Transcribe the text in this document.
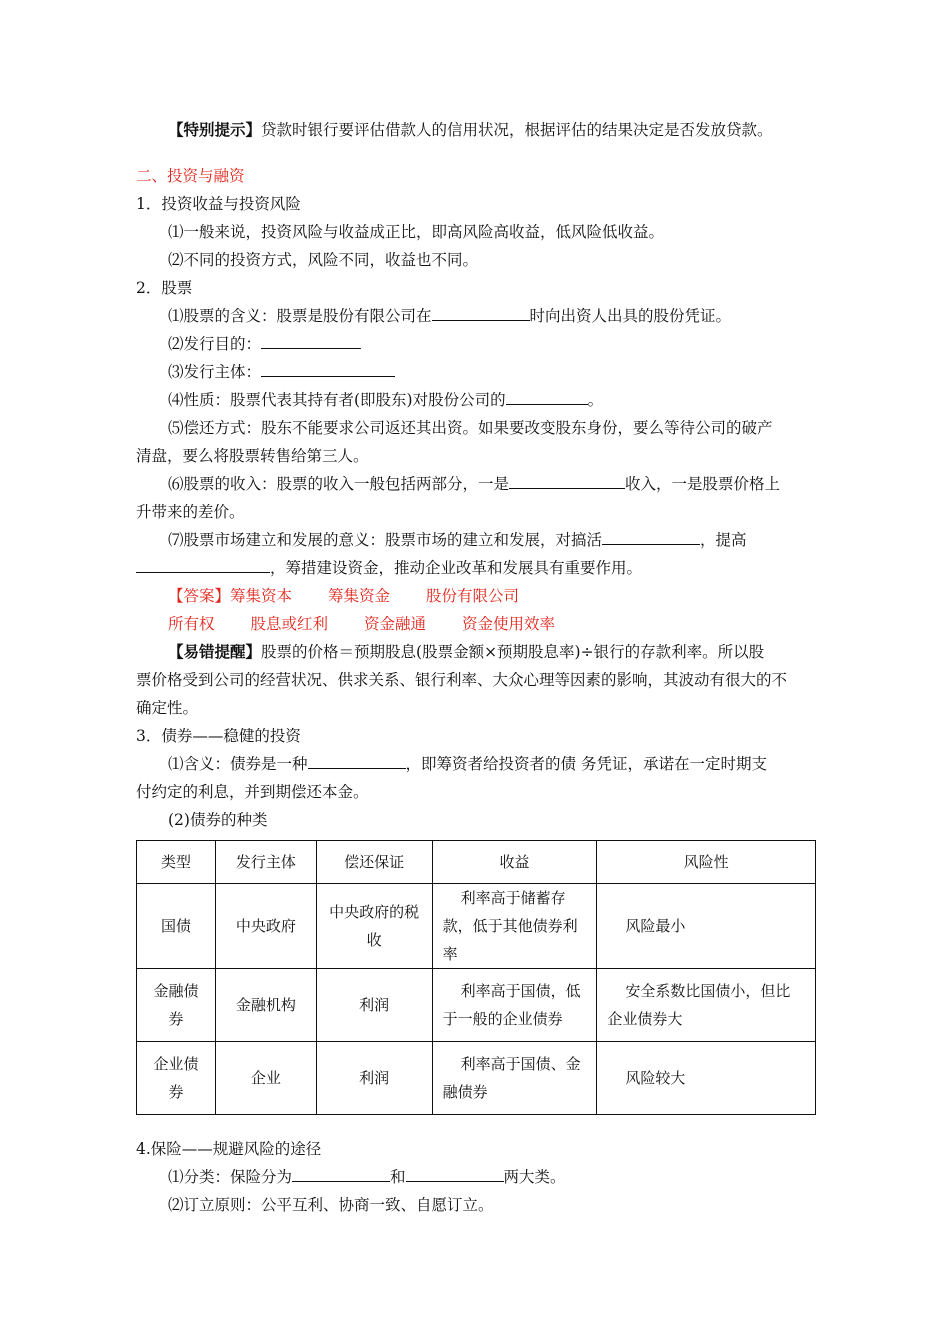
【特别提示】贷款时银行要评估借款人的信用状况，根据评估的结果决定是否发放贷款。
二、投资与融资
1．投资收益与投资风险
⑴一般来说，投资风险与收益成正比，即高风险高收益，低风险低收益。
⑵不同的投资方式，风险不同，收益也不同。
2．股票
⑴股票的含义：股票是股份有限公司在	时向出资人出具的股份凭证。
⑵发行目的：
⑶发行主体：
⑷性质：股票代表其持有者(即股东)对股份公司的	。
⑸偿还方式：股东不能要求公司返还其出资。如果要改变股东身份，要么等待公司的破产
清盘，要么将股票转售给第三人。
⑹股票的收入：股票的收入一般包括两部分，一是	收入，一是股票价格上
升带来的差价。
⑺股票市场建立和发展的意义：股票市场的建立和发展，对搞活	，提高
，筹措建设资金，推动企业改革和发展具有重要作用。
【答案】筹集资本 筹集资金 股份有限公司
所有权 股息或红利 资金融通 资金使用效率
【易错提醒】股票的价格＝预期股息(股票金额×预期股息率)÷银行的存款利率。所以股
票价格受到公司的经营状况、供求关系、银行利率、大众心理等因素的影响，其波动有很大的不
确定性。
3．债券——稳健的投资
⑴含义：债券是一种	，即筹资者给投资者的债 务凭证，承诺在一定时期支
付约定的利息，并到期偿还本金。
(2)债券的种类
类型	发行主体	偿还保证	收益	风险性
国债	中央政府	中央政府的税收	利率高于储蓄存款，低于其他债券利率	风险最小
金融债券	金融机构	利润	利率高于国债，低于一般的企业债券	安全系数比国债小，但比企业债券大
企业债券	企业	利润	利率高于国债、金融债券	风险较大
4.保险——规避风险的途径
⑴分类：保险分为	和	两大类。
⑵订立原则：公平互利、协商一致、自愿订立。
